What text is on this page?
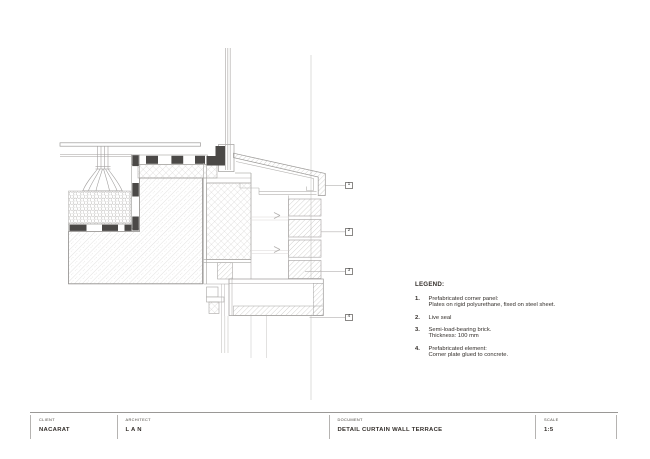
1
2
3
4
LEGEND:
1.	Prefabricated corner panel:
Plates on rigid polyurethane, fixed on steel sheet.
2.	Live seal
3.	Semi-load-bearing brick.
Thickness: 100 mm
4.	Prefabricated element:
Corner plate glued to concrete.
CLIENT
NACARAT
ARCHITECT
L A N
DOCUMENT
DETAIL CURTAIN WALL TERRACE
SCALE
1:5
